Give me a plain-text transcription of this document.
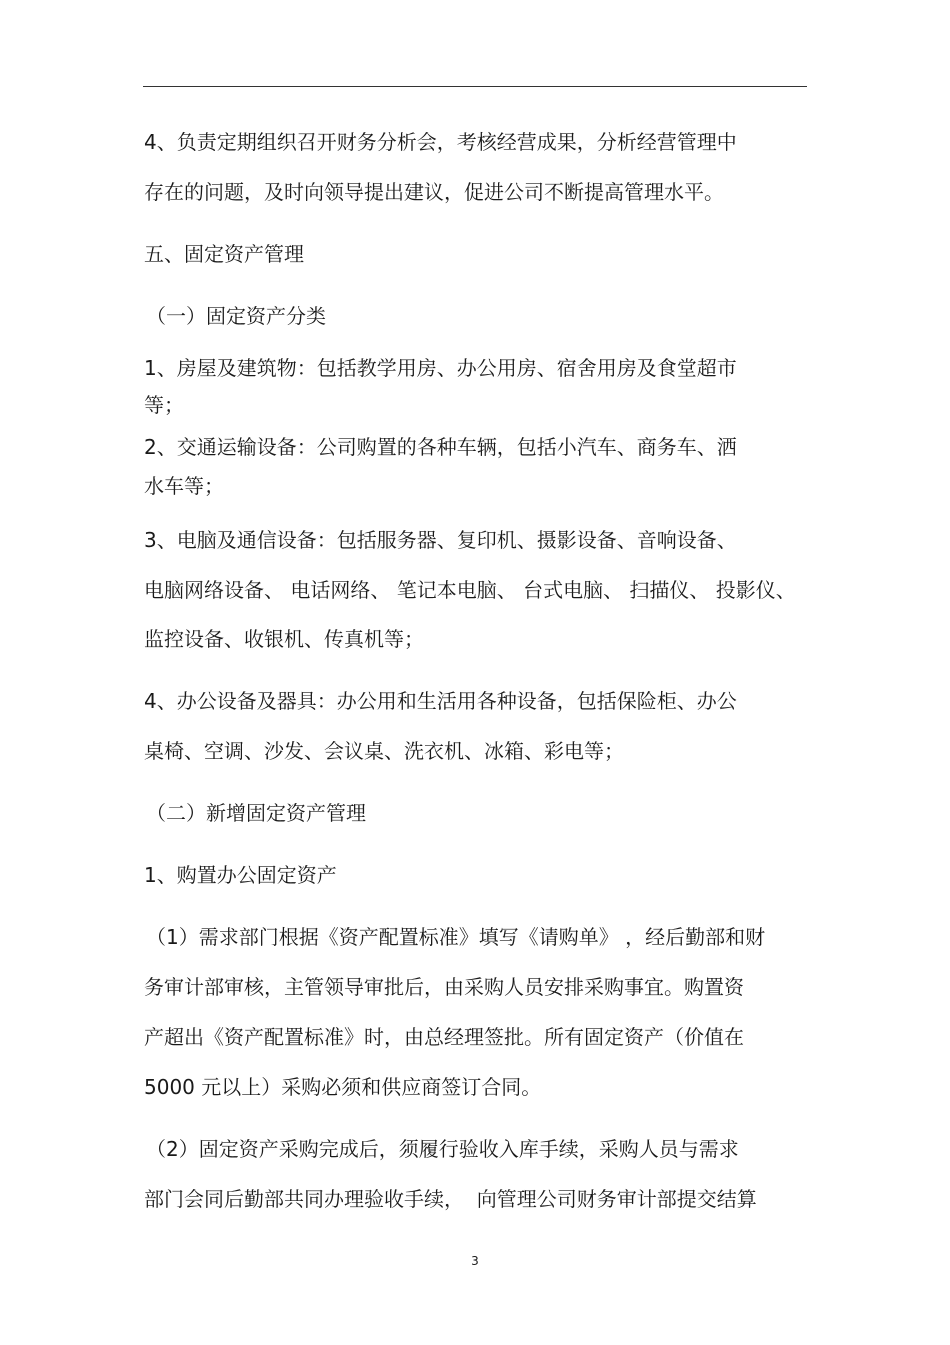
4、负责定期组织召开财务分析会，考核经营成果，分析经营管理中
存在的问题，及时向领导提出建议，促进公司不断提高管理水平。
五、固定资产管理
（一）固定资产分类
1、房屋及建筑物：包括教学用房、办公用房、宿舍用房及食堂超市
等；
2、交通运输设备：公司购置的各种车辆，包括小汽车、商务车、洒
水车等；
3、电脑及通信设备：包括服务器、复印机、摄影设备、音响设备、
电脑网络设备、 电话网络、 笔记本电脑、 台式电脑、 扫描仪、 投影仪、
监控设备、收银机、传真机等；
4、办公设备及器具：办公用和生活用各种设备，包括保险柜、办公
桌椅、空调、沙发、会议桌、洗衣机、冰箱、彩电等；
（二）新增固定资产管理
1、购置办公固定资产
（1）需求部门根据《资产配置标准》填写《请购单》 ，经后勤部和财
务审计部审核，主管领导审批后，由采购人员安排采购事宜。购置资
产超出《资产配置标准》时，由总经理签批。所有固定资产（价值在
5000 元以上）采购必须和供应商签订合同。
（2）固定资产采购完成后，须履行验收入库手续，采购人员与需求
部门会同后勤部共同办理验收手续，  向管理公司财务审计部提交结算
3
